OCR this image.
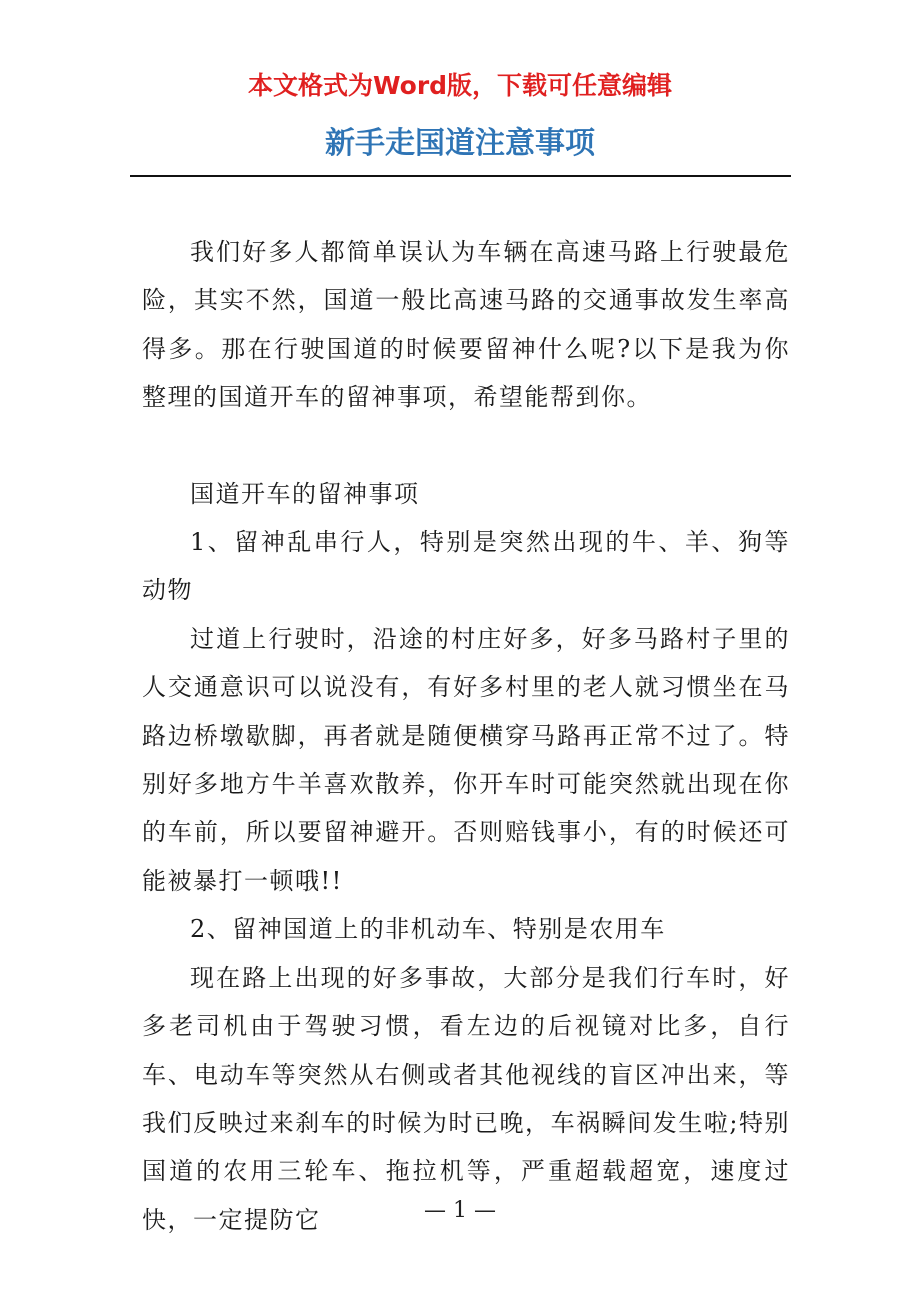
本文格式为Word版，下载可任意编辑
新手走国道注意事项

我们好多人都简单误认为车辆在高速马路上行驶最危险，其实不然，国道一般比高速马路的交通事故发生率高得多。那在行驶国道的时候要留神什么呢?以下是我为你整理的国道开车的留神事项，希望能帮到你。

国道开车的留神事项

1、留神乱串行人，特别是突然出现的牛、羊、狗等动物

过道上行驶时，沿途的村庄好多，好多马路村子里的人交通意识可以说没有，有好多村里的老人就习惯坐在马路边桥墩歇脚，再者就是随便横穿马路再正常不过了。特别好多地方牛羊喜欢散养，你开车时可能突然就出现在你的车前，所以要留神避开。否则赔钱事小，有的时候还可能被暴打一顿哦!!

2、留神国道上的非机动车、特别是农用车

现在路上出现的好多事故，大部分是我们行车时，好多老司机由于驾驶习惯，看左边的后视镜对比多，自行车、电动车等突然从右侧或者其他视线的盲区冲出来，等我们反映过来刹车的时候为时已晚，车祸瞬间发生啦;特别国道的农用三轮车、拖拉机等，严重超载超宽，速度过快，一定提防它	— 1 —
